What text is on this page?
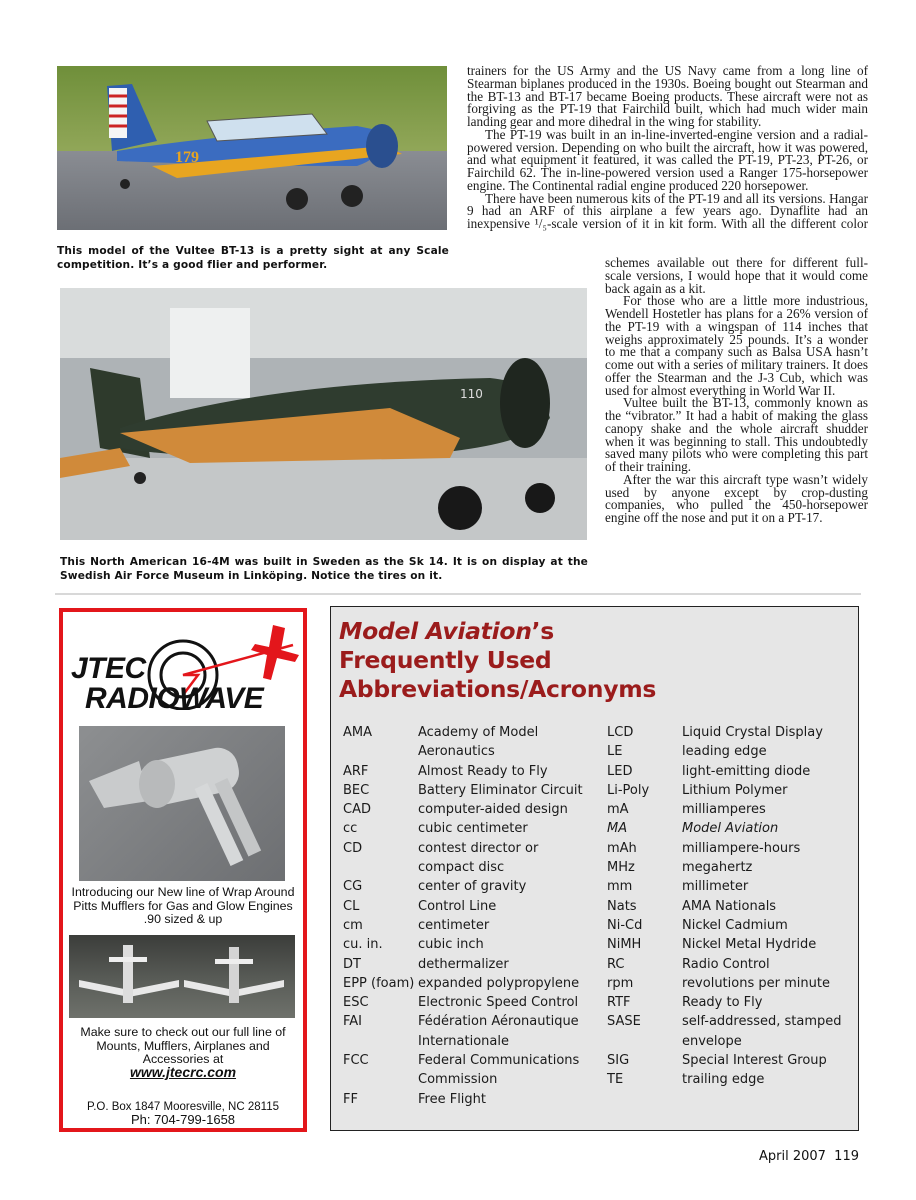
179
This model of the Vultee BT-13 is a pretty sight at any Scale competition. It’s a good flier and performer.
110
This North American 16-4M was built in Sweden as the Sk 14. It is on display at the Swedish Air Force Museum in Linköping. Notice the tires on it.

trainers for the US Army and the US Navy came from a long line of Stearman biplanes produced in the 1930s. Boeing bought out Stearman and the BT-13 and BT-17 became Boeing products. These aircraft were not as forgiving as the PT-19 that Fairchild built, which had much wider main landing gear and more dihedral in the wing for stability.

The PT-19 was built in an in-line-inverted-engine version and a radial-powered version. Depending on who built the aircraft, how it was powered, and what equipment it featured, it was called the PT-19, PT-23, PT-26, or Fairchild 62. The in-line-powered version used a Ranger 175-horsepower engine. The Continental radial engine produced 220 horsepower.

There have been numerous kits of the PT-19 and all its versions. Hangar 9 had an ARF of this airplane a few years ago. Dynaflite had an inexpensive ¹/₅-scale version of it in kit form. With all the different color

schemes available out there for different full-scale versions, I would hope that it would come back again as a kit.

For those who are a little more industrious, Wendell Hostetler has plans for a 26% version of the PT-19 with a wingspan of 114 inches that weighs approximately 25 pounds. It’s a wonder to me that a company such as Balsa USA hasn’t come out with a series of military trainers. It does offer the Stearman and the J-3 Cub, which was used for almost everything in World War II.

Vultee built the BT-13, commonly known as the “vibrator.” It had a habit of making the glass canopy shake and the whole aircraft shudder when it was beginning to stall. This undoubtedly saved many pilots who were completing this part of their training.

After the war this aircraft type wasn’t widely used by anyone except by crop-dusting companies, who pulled the 450-horsepower engine off the nose and put it on a PT-17.

JTEC
RADIOWAVE
Introducing our New line of Wrap Around Pitts Mufflers for Gas and Glow Engines .90 sized & up
Make sure to check out our full line of Mounts, Mufflers, Airplanes and Accessories at
www.jtecrc.com
P.O. Box 1847 Mooresville, NC 28115
Ph: 704-799-1658
Model Aviation’s
Frequently Used
Abbreviations/Acronyms
AMA	Academy of Model
Aeronautics
ARF	Almost Ready to Fly
BEC	Battery Eliminator Circuit
CAD	computer-aided design
cc	cubic centimeter
CD	contest director or
compact disc
CG	center of gravity
CL	Control Line
cm	centimeter
cu. in.	cubic inch
DT	dethermalizer
EPP (foam) expanded polypropylene
ESC	Electronic Speed Control
FAI	Fédération Aéronautique
Internationale
FCC	Federal Communications
Commission
FF	Free Flight
LCD	Liquid Crystal Display
LE	leading edge
LED	light-emitting diode
Li-Poly	Lithium Polymer
mA	milliamperes
MA	Model Aviation
mAh	milliampere-hours
MHz	megahertz
mm	millimeter
Nats	AMA Nationals
Ni-Cd	Nickel Cadmium
NiMH	Nickel Metal Hydride
RC	Radio Control
rpm	revolutions per minute
RTF	Ready to Fly
SASE	self-addressed, stamped
envelope
SIG	Special Interest Group
TE	trailing edge
April 2007 119
